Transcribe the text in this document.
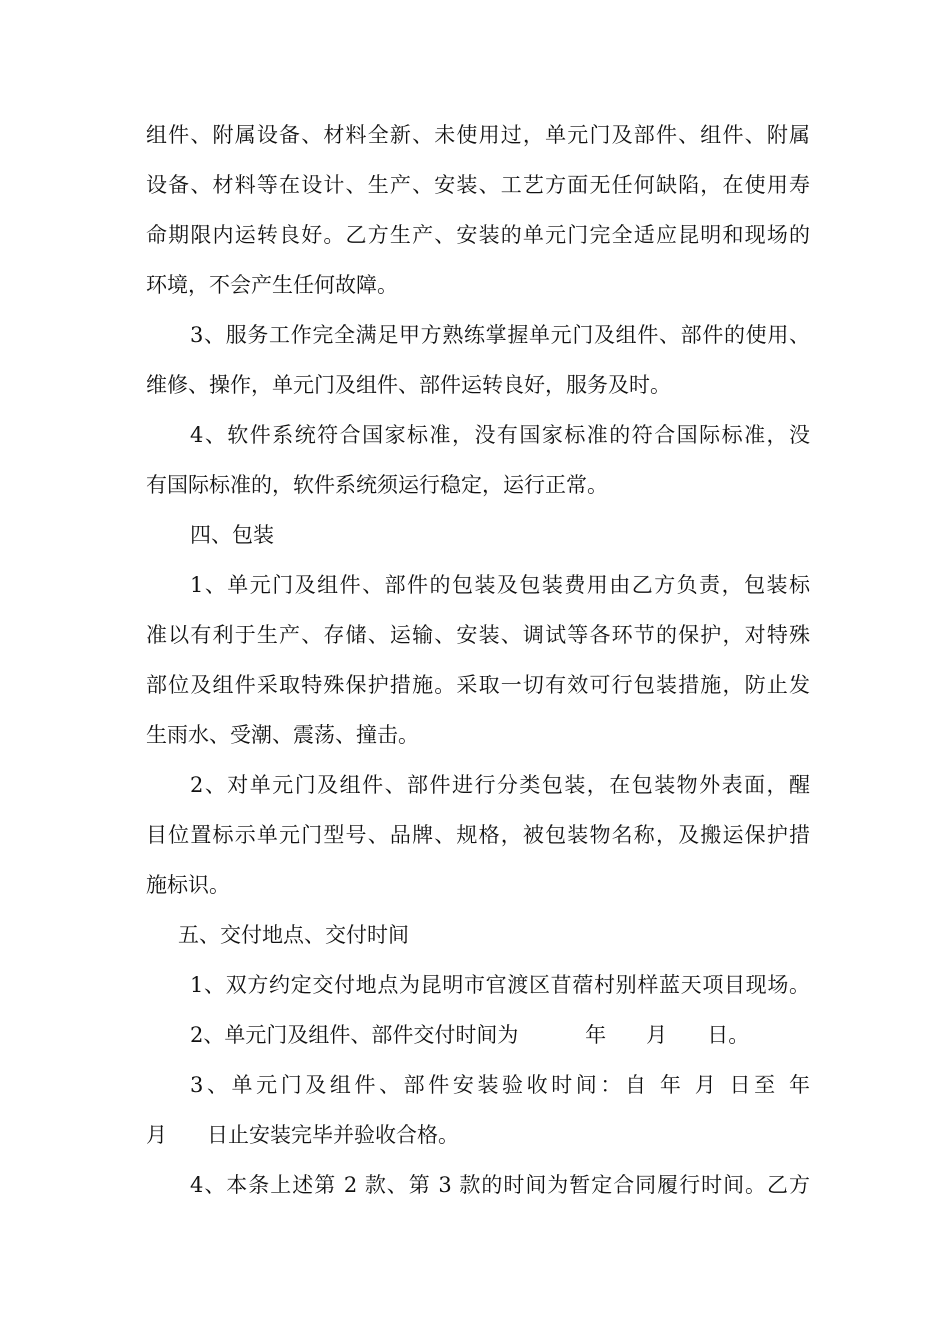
组件、附属设备、材料全新、未使用过，单元门及部件、组件、附属
设备、材料等在设计、生产、安装、工艺方面无任何缺陷，在使用寿
命期限内运转良好。乙方生产、安装的单元门完全适应昆明和现场的
环境，不会产生任何故障。
3、服务工作完全满足甲方熟练掌握单元门及组件、部件的使用、
维修、操作，单元门及组件、部件运转良好，服务及时。
4、软件系统符合国家标准，没有国家标准的符合国际标准，没
有国际标准的，软件系统须运行稳定，运行正常。
四、包装
1、单元门及组件、部件的包装及包装费用由乙方负责，包装标
准以有利于生产、存储、运输、安装、调试等各环节的保护，对特殊
部位及组件采取特殊保护措施。采取一切有效可行包装措施，防止发
生雨水、受潮、震荡、撞击。
2、对单元门及组件、部件进行分类包装，在包装物外表面，醒
目位置标示单元门型号、品牌、规格，被包装物名称，及搬运保护措
施标识。
五、交付地点、交付时间
1、双方约定交付地点为昆明市官渡区苜蓿村别样蓝天项目现场。
2、单元门及组件、部件交付时间为          年      月      日。
3、单元门及组件、部件安装验收时间：自 年 月 日至 年
月      日止安装完毕并验收合格。
4、本条上述第 2 款、第 3 款的时间为暂定合同履行时间。乙方
